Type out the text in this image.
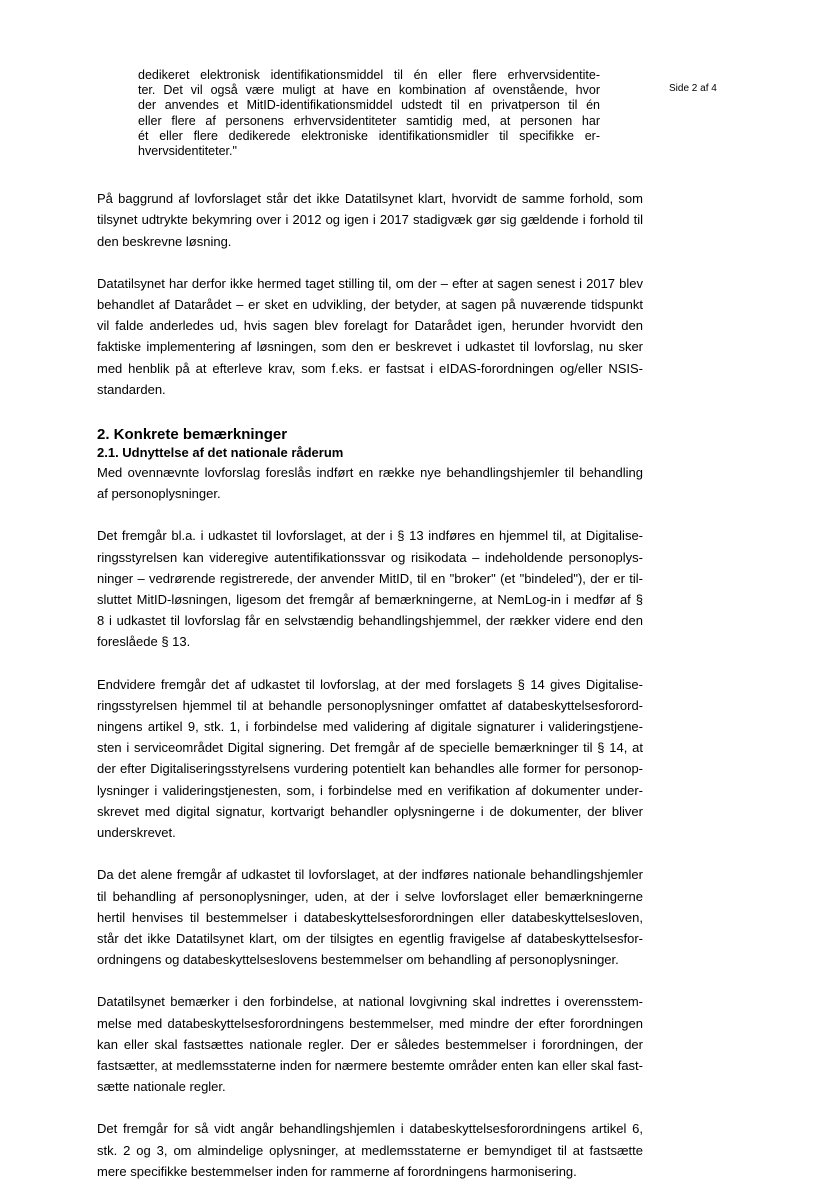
Side 2 af 4
dedikeret elektronisk identifikationsmiddel til én eller flere erhvervsidentite-
ter. Det vil også være muligt at have en kombination af ovenstående, hvor
der anvendes et MitID-identifikationsmiddel udstedt til en privatperson til én
eller flere af personens erhvervsidentiteter samtidig med, at personen har
ét eller flere dedikerede elektroniske identifikationsmidler til specifikke er-
hvervsidentiteter."
På baggrund af lovforslaget står det ikke Datatilsynet klart, hvorvidt de samme forhold, som
tilsynet udtrykte bekymring over i 2012 og igen i 2017 stadigvæk gør sig gældende i forhold til
den beskrevne løsning.
Datatilsynet har derfor ikke hermed taget stilling til, om der – efter at sagen senest i 2017 blev
behandlet af Datarådet – er sket en udvikling, der betyder, at sagen på nuværende tidspunkt
vil falde anderledes ud, hvis sagen blev forelagt for Datarådet igen, herunder hvorvidt den
faktiske implementering af løsningen, som den er beskrevet i udkastet til lovforslag, nu sker
med henblik på at efterleve krav, som f.eks. er fastsat i eIDAS-forordningen og/eller NSIS-
standarden.
2. Konkrete bemærkninger
2.1. Udnyttelse af det nationale råderum
Med ovennævnte lovforslag foreslås indført en række nye behandlingshjemler til behandling
af personoplysninger.
Det fremgår bl.a. i udkastet til lovforslaget, at der i § 13 indføres en hjemmel til, at Digitalise-
ringsstyrelsen kan videregive autentifikationssvar og risikodata – indeholdende personoplys-
ninger – vedrørende registrerede, der anvender MitID, til en "broker" (et "bindeled"), der er til-
sluttet MitID-løsningen, ligesom det fremgår af bemærkningerne, at NemLog-in i medfør af §
8 i udkastet til lovforslag får en selvstændig behandlingshjemmel, der rækker videre end den
foreslåede § 13.
Endvidere fremgår det af udkastet til lovforslag, at der med forslagets § 14 gives Digitalise-
ringsstyrelsen hjemmel til at behandle personoplysninger omfattet af databeskyttelsesforord-
ningens artikel 9, stk. 1, i forbindelse med validering af digitale signaturer i valideringstjene-
sten i serviceområdet Digital signering. Det fremgår af de specielle bemærkninger til § 14, at
der efter Digitaliseringsstyrelsens vurdering potentielt kan behandles alle former for personop-
lysninger i valideringstjenesten, som, i forbindelse med en verifikation af dokumenter under-
skrevet med digital signatur, kortvarigt behandler oplysningerne i de dokumenter, der bliver
underskrevet.
Da det alene fremgår af udkastet til lovforslaget, at der indføres nationale behandlingshjemler
til behandling af personoplysninger, uden, at der i selve lovforslaget eller bemærkningerne
hertil henvises til bestemmelser i databeskyttelsesforordningen eller databeskyttelsesloven,
står det ikke Datatilsynet klart, om der tilsigtes en egentlig fravigelse af databeskyttelsesfor-
ordningens og databeskyttelseslovens bestemmelser om behandling af personoplysninger.
Datatilsynet bemærker i den forbindelse, at national lovgivning skal indrettes i overensstem-
melse med databeskyttelsesforordningens bestemmelser, med mindre der efter forordningen
kan eller skal fastsættes nationale regler. Der er således bestemmelser i forordningen, der
fastsætter, at medlemsstaterne inden for nærmere bestemte områder enten kan eller skal fast-
sætte nationale regler.
Det fremgår for så vidt angår behandlingshjemlen i databeskyttelsesforordningens artikel 6,
stk. 2 og 3, om almindelige oplysninger, at medlemsstaterne er bemyndiget til at fastsætte
mere specifikke bestemmelser inden for rammerne af forordningens harmonisering.
